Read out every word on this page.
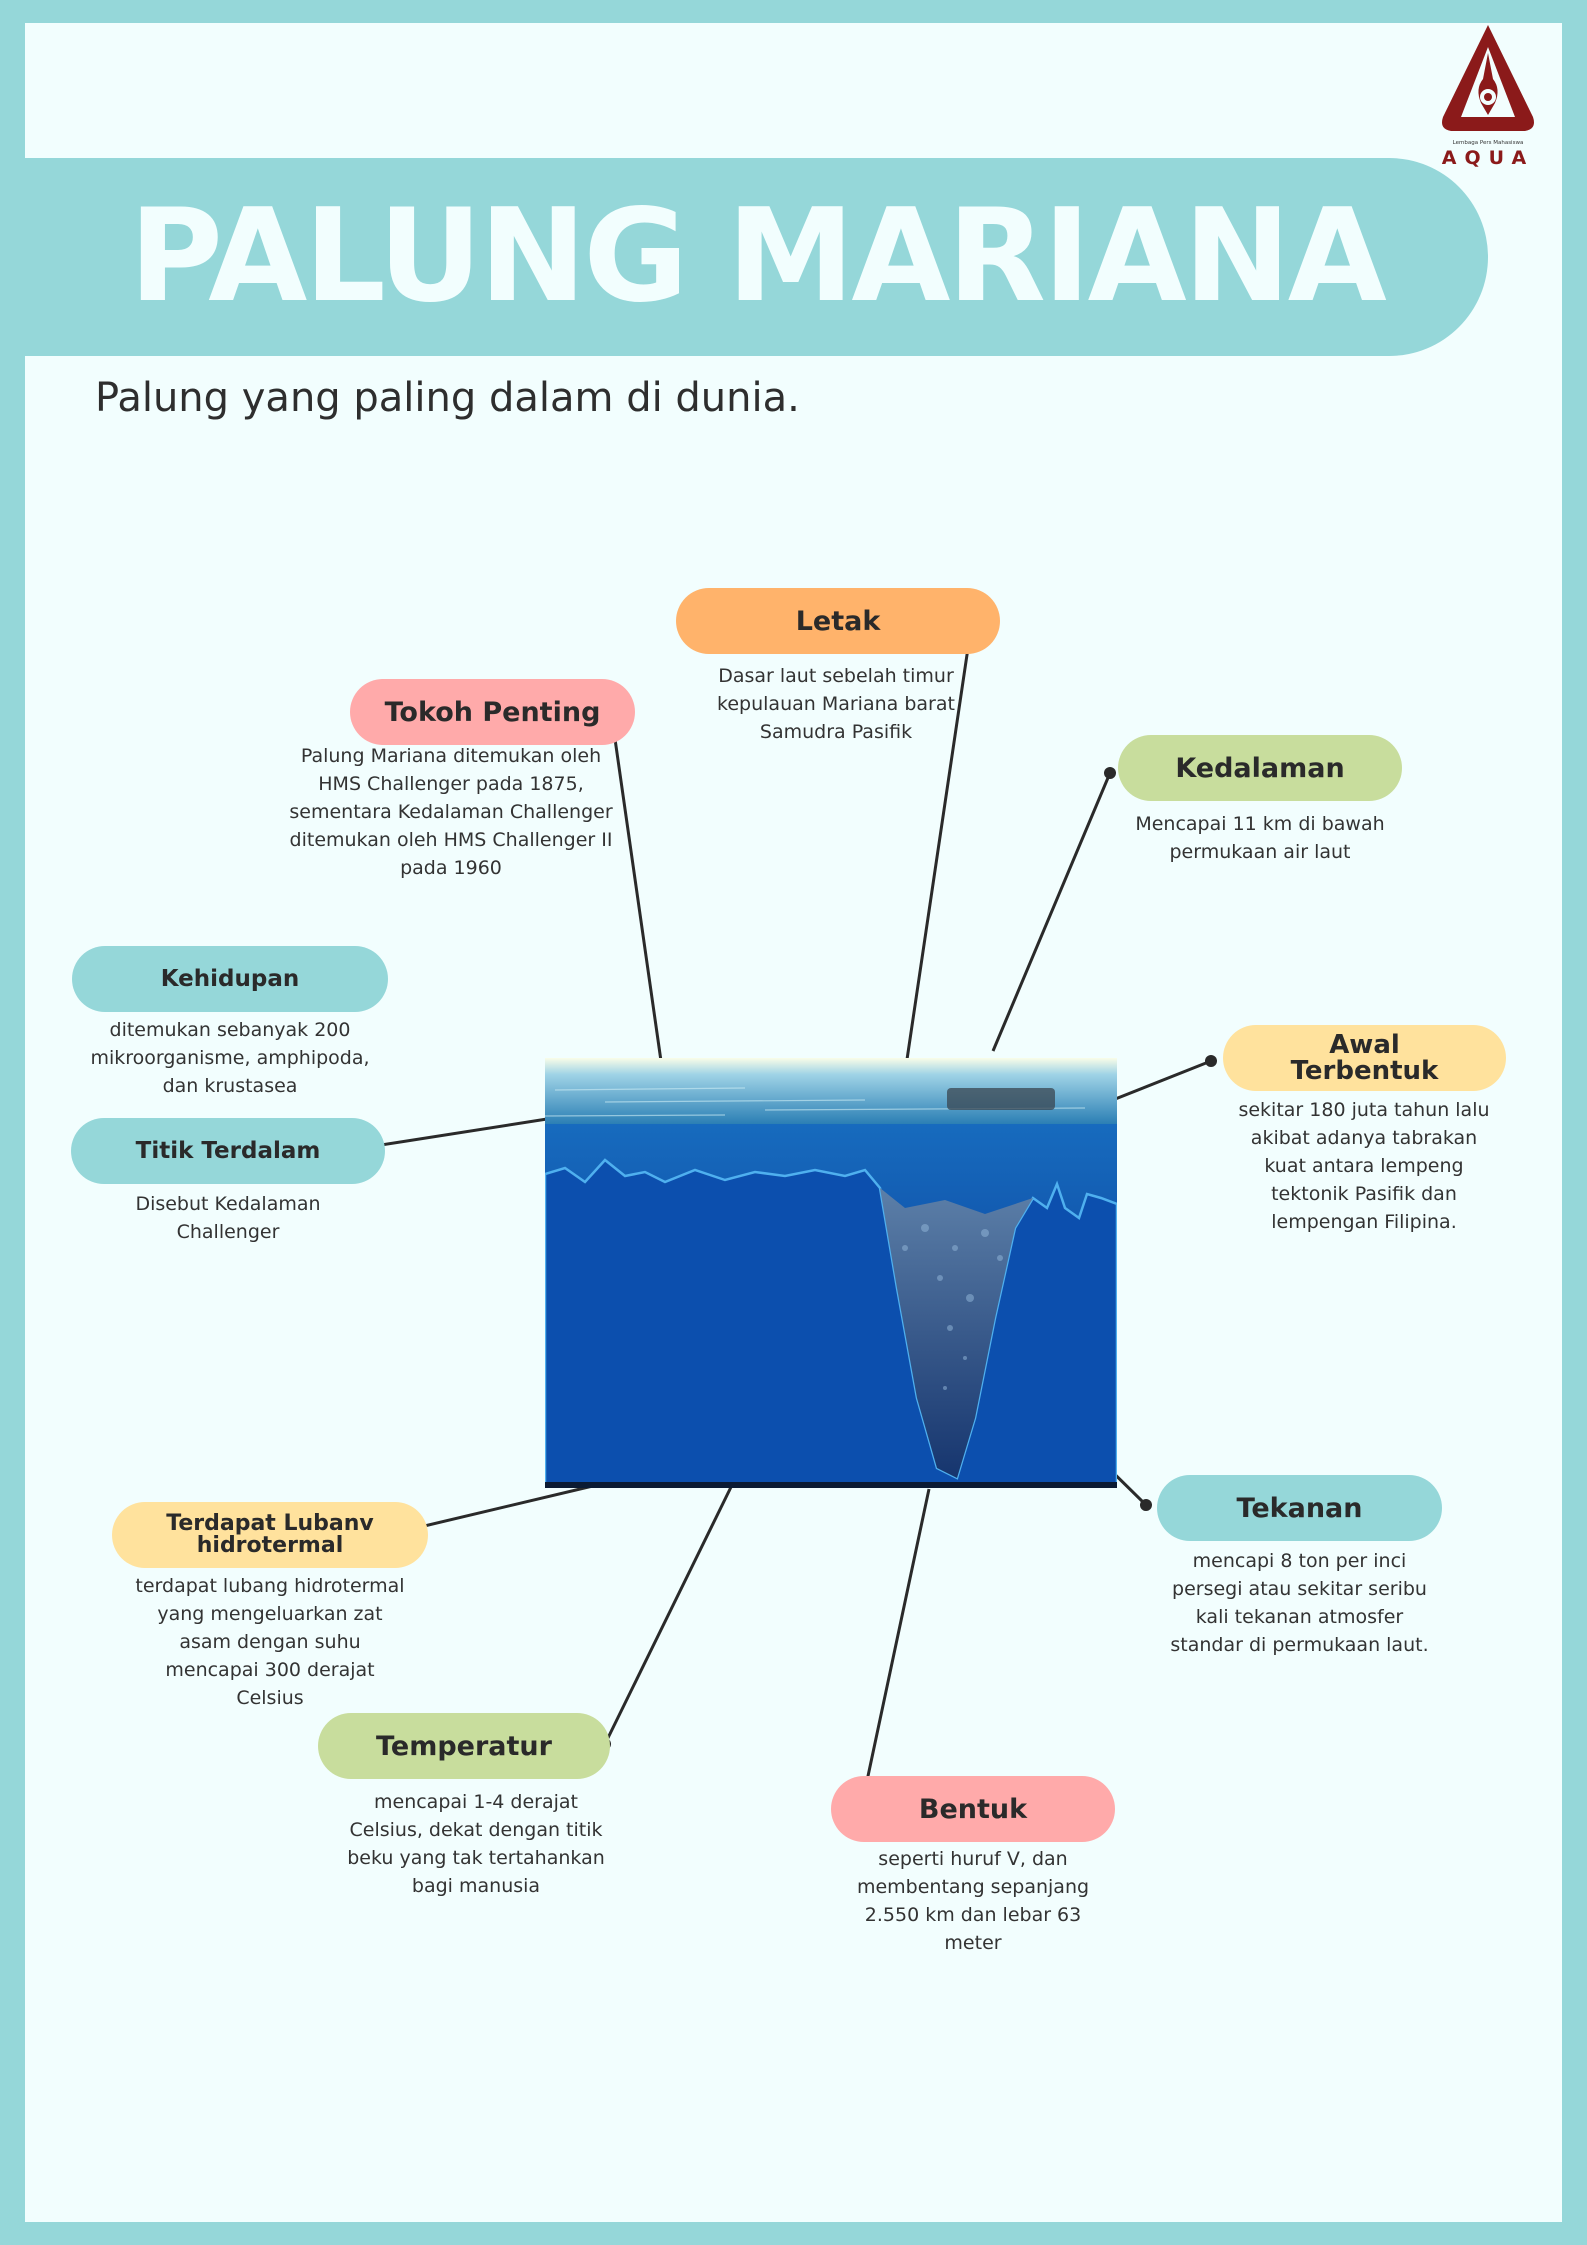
PALUNG MARIANA

Palung yang paling dalam di dunia.

Lembaga Pers Mahasiswa
AQUA
Letak
Dasar laut sebelah timur kepulauan Mariana barat Samudra Pasifik
Tokoh Penting
Palung Mariana ditemukan oleh HMS Challenger pada 1875, sementara Kedalaman Challenger ditemukan oleh HMS Challenger II pada 1960
Kedalaman
Mencapai 11 km di bawah permukaan air laut
Kehidupan
ditemukan sebanyak 200 mikroorganisme, amphipoda, dan krustasea
Awal Terbentuk
sekitar 180 juta tahun lalu akibat adanya tabrakan kuat antara lempeng tektonik Pasifik dan lempengan Filipina.
Titik Terdalam
Disebut Kedalaman Challenger
Terdapat Lubanv hidrotermal
terdapat lubang hidrotermal yang mengeluarkan zat asam dengan suhu mencapai 300 derajat Celsius
Tekanan
mencapi 8 ton per inci persegi atau sekitar seribu kali tekanan atmosfer standar di permukaan laut.
Temperatur
mencapai 1-4 derajat Celsius, dekat dengan titik beku yang tak tertahankan bagi manusia
Bentuk
seperti huruf V, dan membentang sepanjang 2.550 km dan lebar 63 meter
